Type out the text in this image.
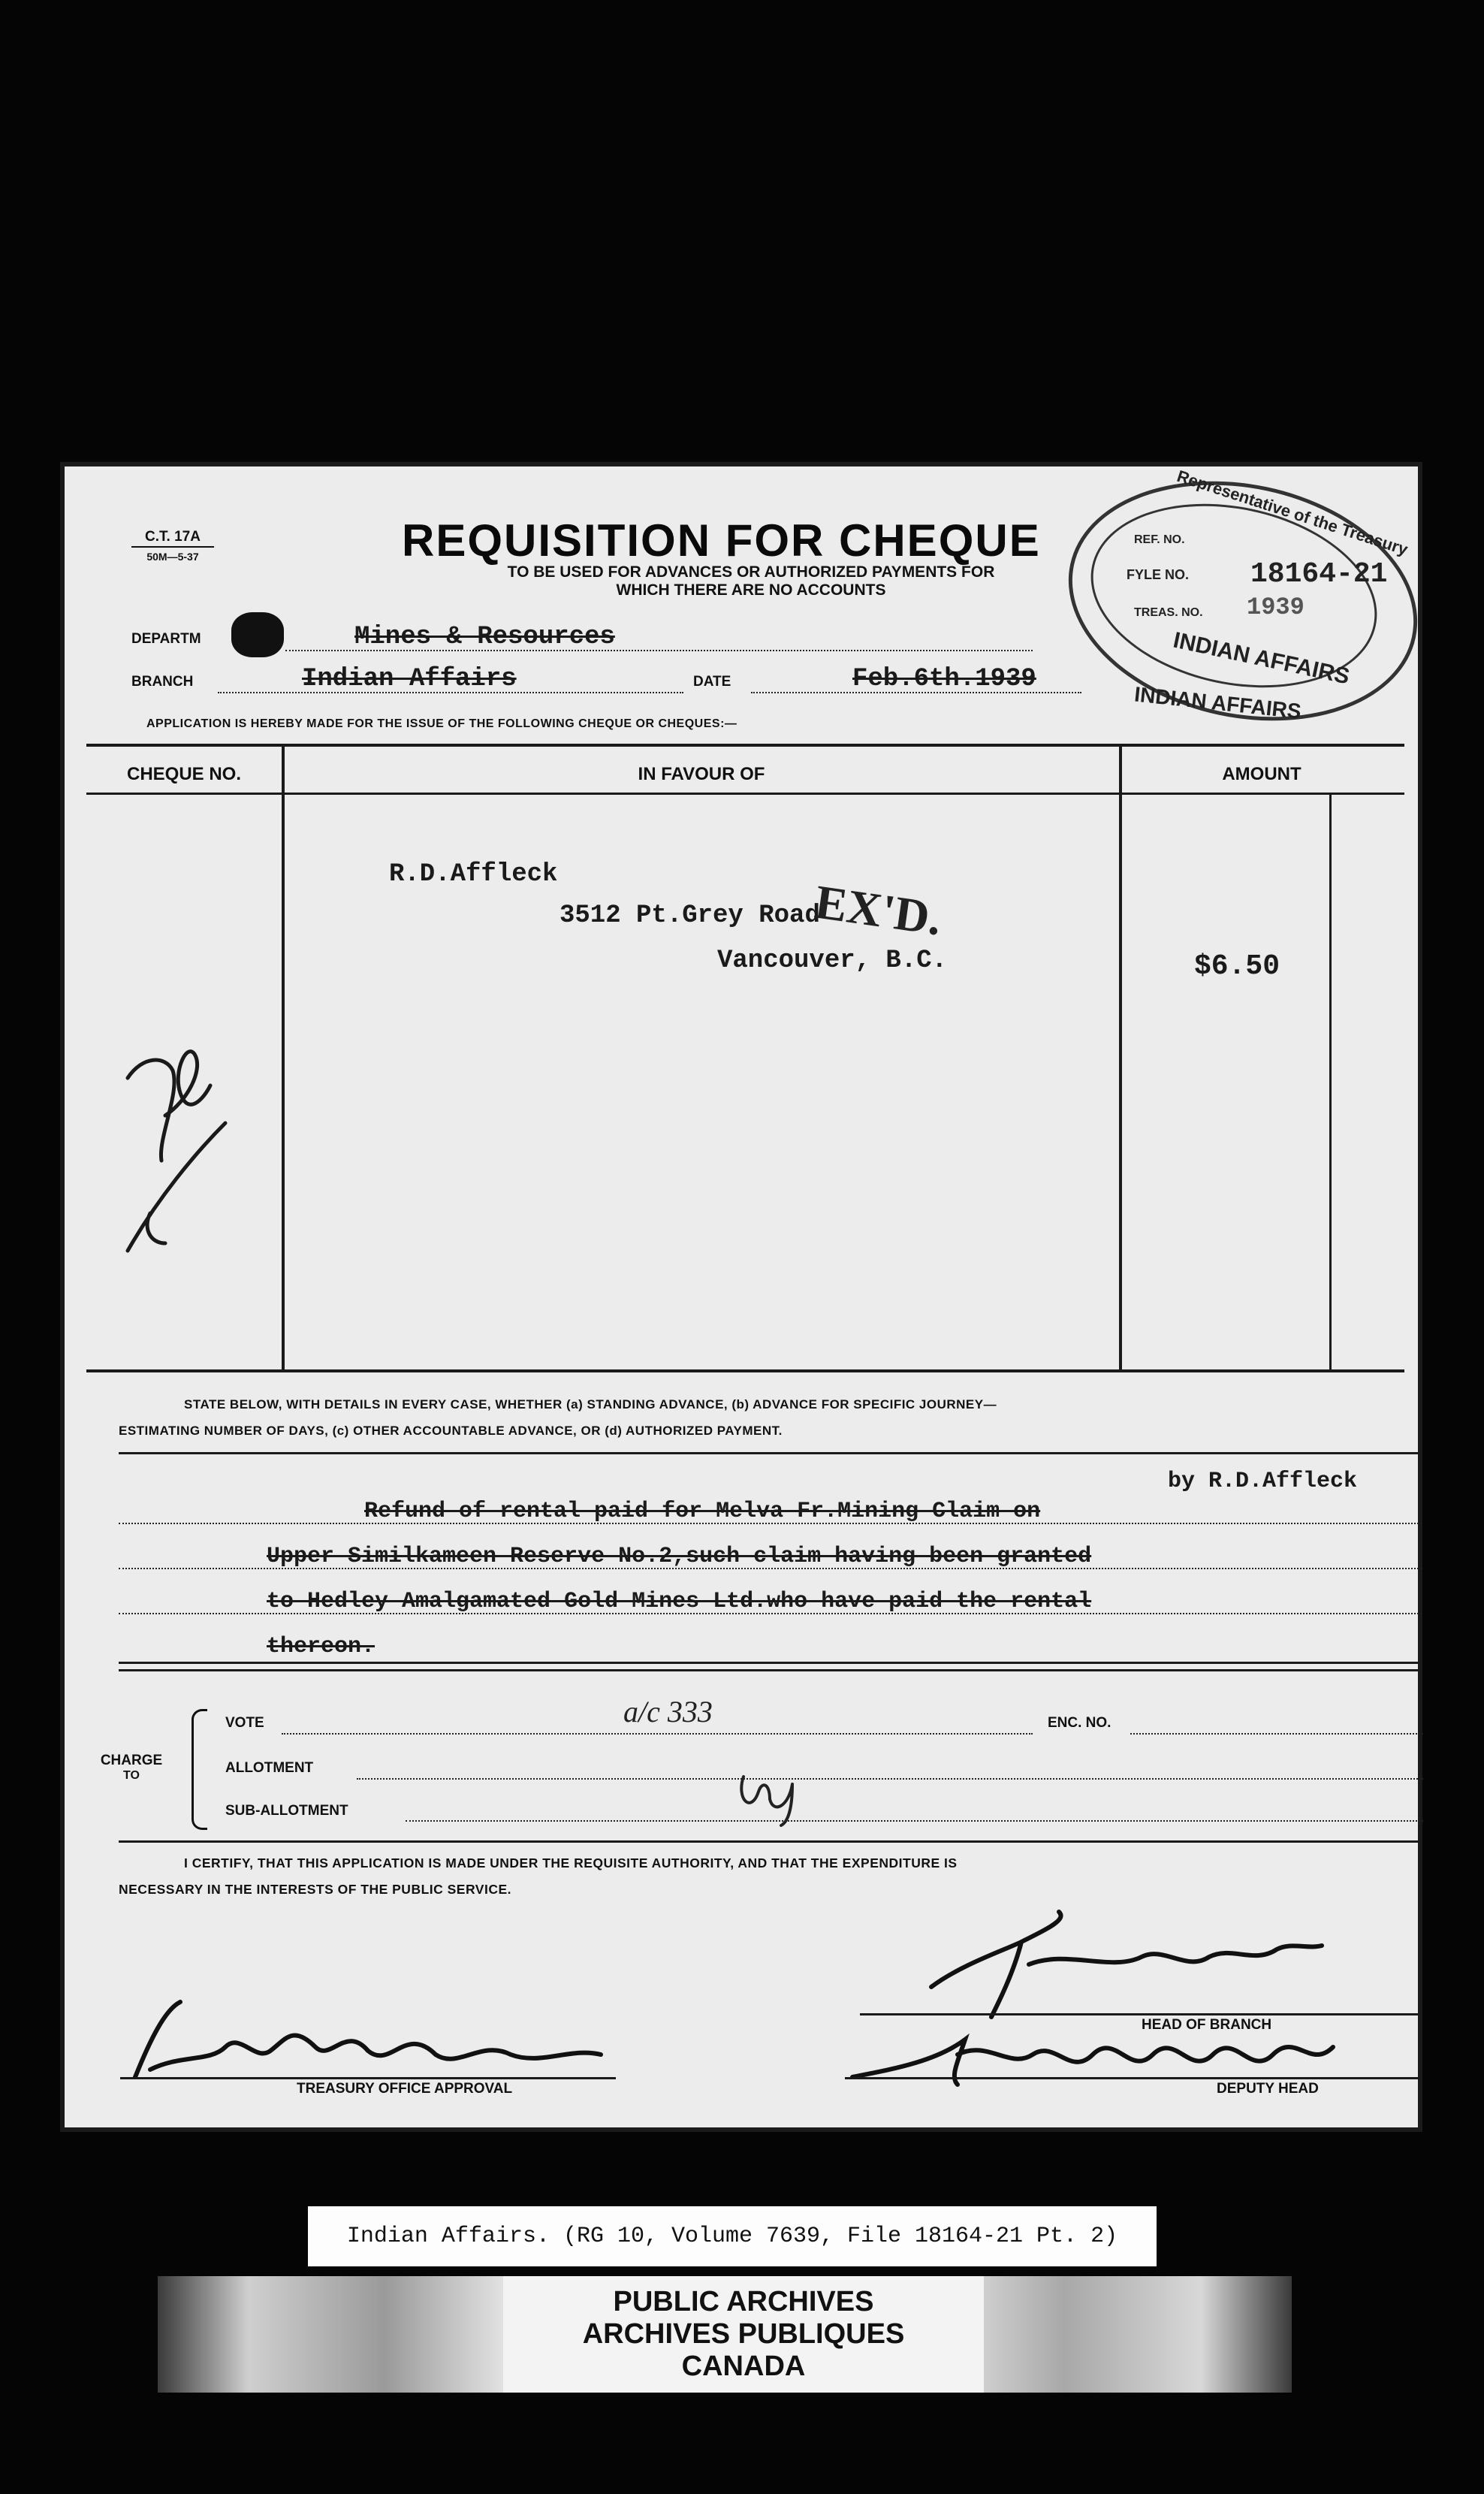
C.T. 17A
50M—5-37	REQUISITION FOR CHEQUE
TO BE USED FOR ADVANCES OR AUTHORIZED PAYMENTS FOR
WHICH THERE ARE NO ACCOUNTS
Representative of the Treasury
REF. NO.
FYLE NO. 18164-21
TREAS. NO. 1939
INDIAN AFFAIRS
INDIAN AFFAIRS
DEPARTM	Mines & Resources
BRANCH	Indian Affairs	DATE	Feb.6th.1939
APPLICATION IS HEREBY MADE FOR THE ISSUE OF THE FOLLOWING CHEQUE OR CHEQUES:—
CHEQUE NO.	IN FAVOUR OF	AMOUNT
R.D.Affleck
3512 Pt.Grey Road
EX'D.
Vancouver, B.C.	$6.50
STATE BELOW, WITH DETAILS IN EVERY CASE, WHETHER (a) STANDING ADVANCE, (b) ADVANCE FOR SPECIFIC JOURNEY—
ESTIMATING NUMBER OF DAYS, (c) OTHER ACCOUNTABLE ADVANCE, OR (d) AUTHORIZED PAYMENT.
by R.D.Affleck
Refund of rental paid for Melva Fr.Mining Claim on
Upper Similkameen Reserve No.2,such claim having been granted
to Hedley Amalgamated Gold Mines Ltd.who have paid the rental
thereon.
CHARGE
TO
VOTE	a/c 333	ENC. NO.
ALLOTMENT
SUB-ALLOTMENT
I CERTIFY, THAT THIS APPLICATION IS MADE UNDER THE REQUISITE AUTHORITY, AND THAT THE EXPENDITURE IS
NECESSARY IN THE INTERESTS OF THE PUBLIC SERVICE.
HEAD OF BRANCH
TREASURY OFFICE APPROVAL	DEPUTY HEAD
Indian Affairs. (RG 10, Volume 7639, File 18164-21 Pt. 2)
PUBLIC ARCHIVES
ARCHIVES PUBLIQUES
CANADA
